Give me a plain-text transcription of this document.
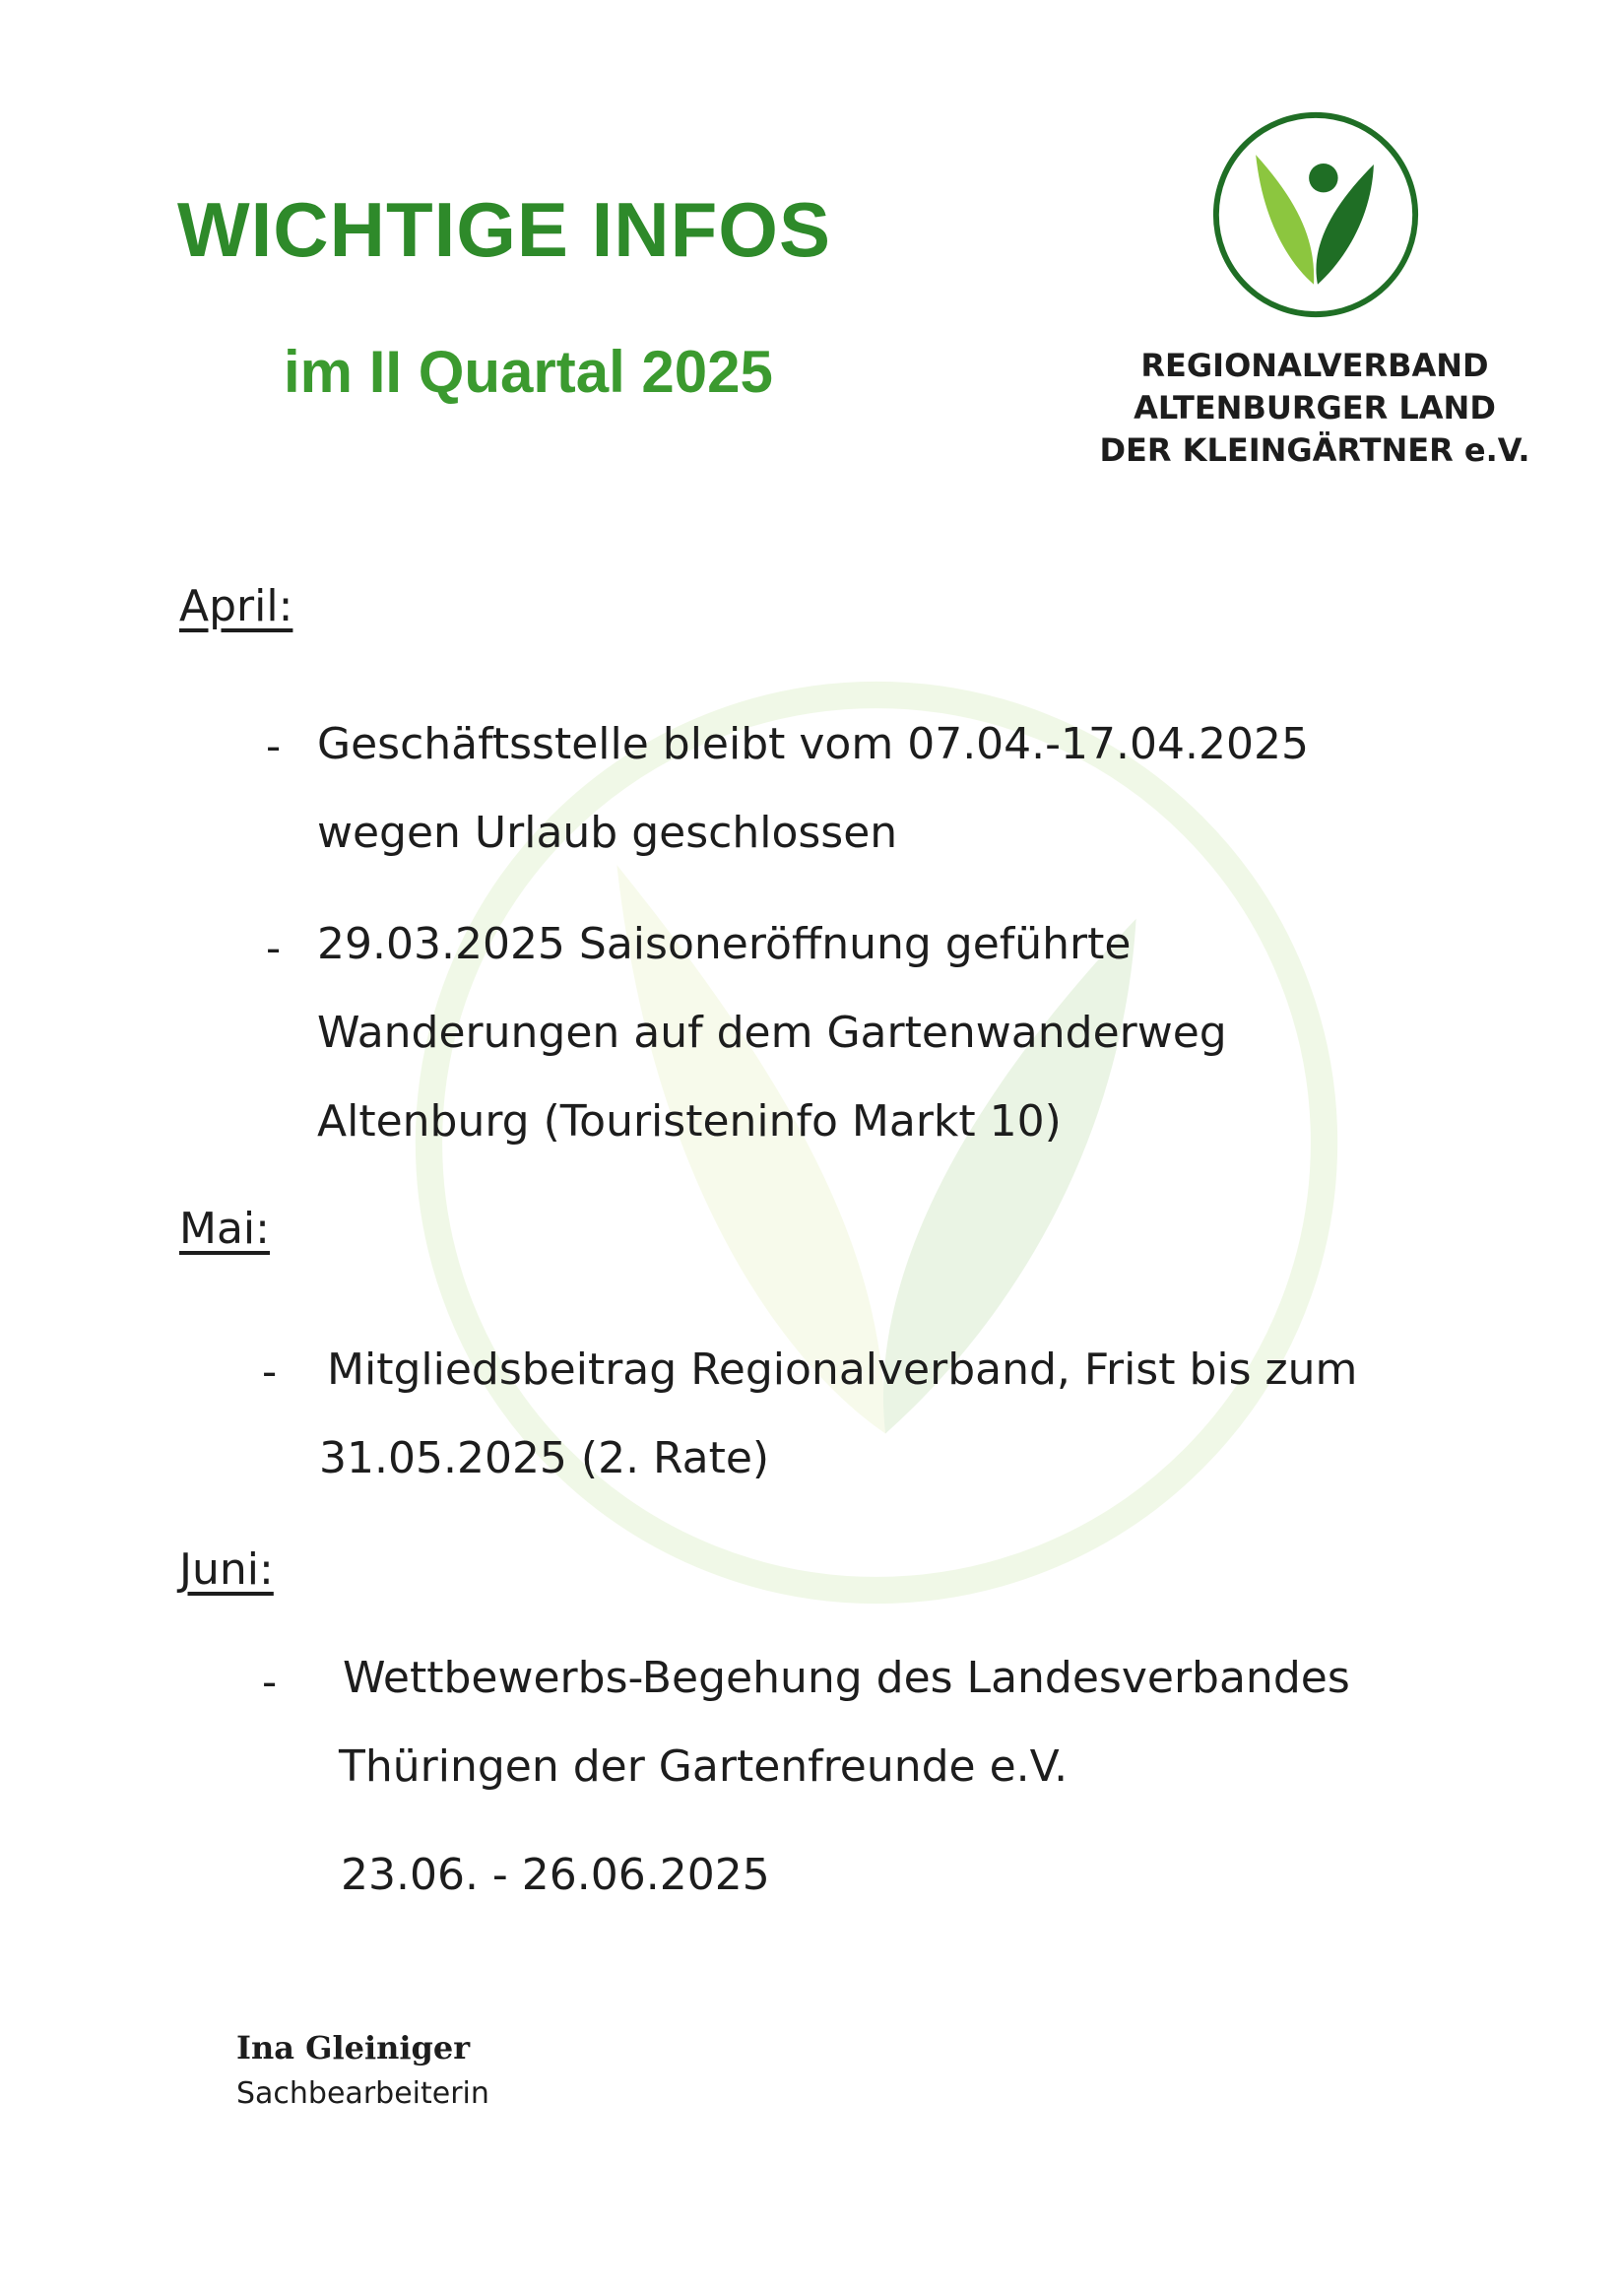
WICHTIGE INFOS
im II Quartal 2025	REGIONALVERBAND
ALTENBURGER LAND
DER KLEINGÄRTNER e.V.
April:
- Geschäftsstelle bleibt vom 07.04.-17.04.2025
wegen Urlaub geschlossen
- 29.03.2025 Saisoneröffnung geführte
Wanderungen auf dem Gartenwanderweg
Altenburg (Touristeninfo Markt 10)
Mai:
- Mitgliedsbeitrag Regionalverband, Frist bis zum
31.05.2025 (2. Rate)
Juni:
- Wettbewerbs-Begehung des Landesverbandes
Thüringen der Gartenfreunde e.V.
23.06. - 26.06.2025
Ina Gleiniger
Sachbearbeiterin
